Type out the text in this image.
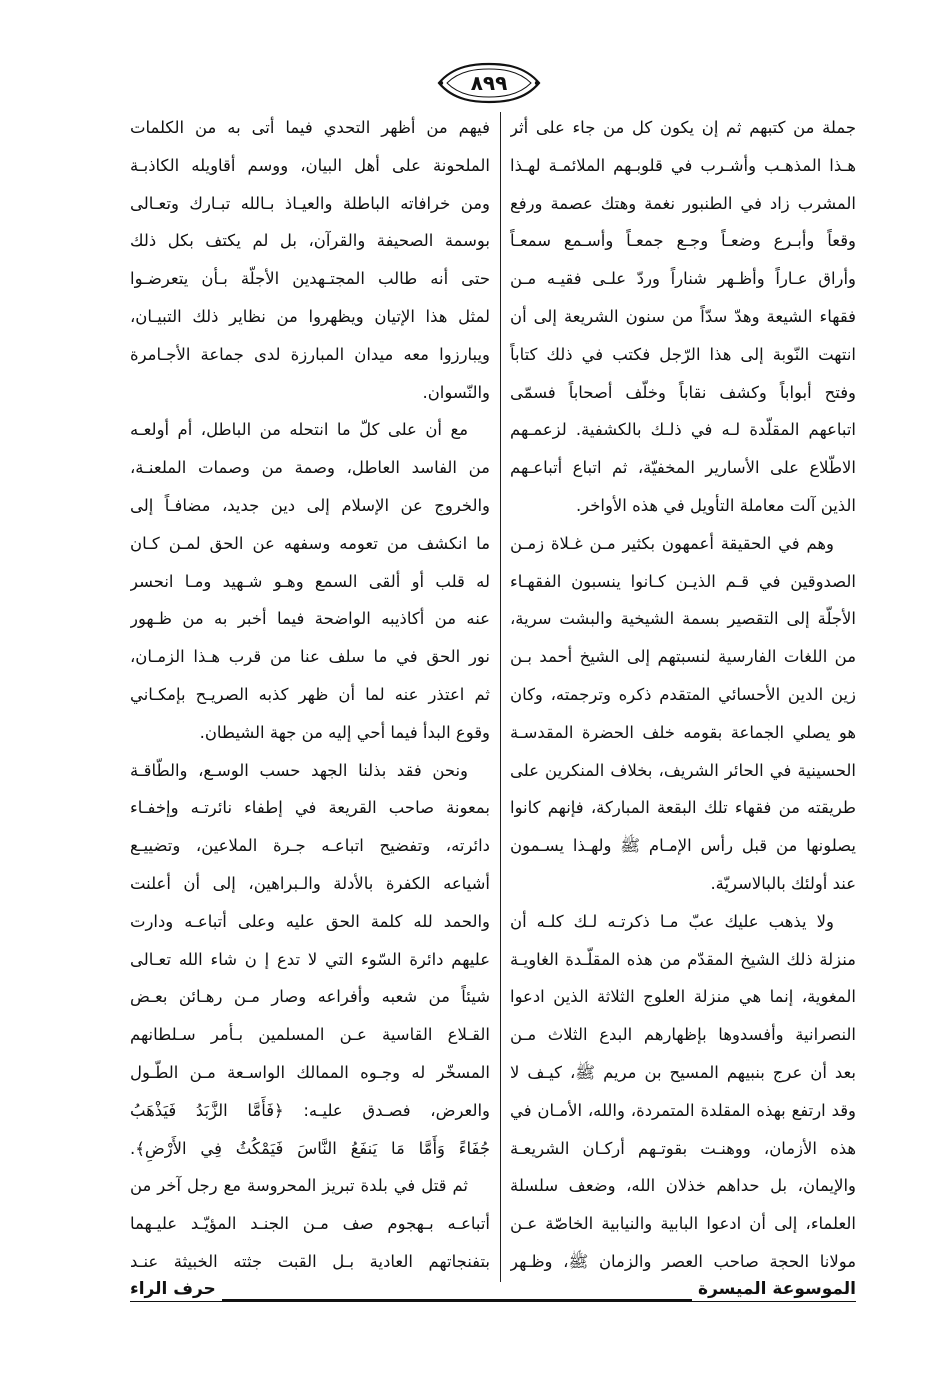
٨٩٩
جملة من كتبهم ثم إن يكون كل من جاء على أثر
هـذا المذهـب وأشـرب في قلوبـهم الملائمـة لهـذا
المشرب زاد في الطنبور نغمة وهتك عصمة ورفع
وقعاً وأبـرع وضعـاً وجـع جمعـاً وأسـمع سمعـاً
وأراق عـاراً وأظـهر شناراً وردّ علـى فقيـه مـن
فقهاء الشيعة وهدّ سدّاً من سنون الشريعة إلى أن
انتهت النّوبة إلى هذا الرّجل فكتب في ذلك كتاباً
وفتح أبواباً وكشف نقاباً وخلّف أصحاباً فسمّى
اتباعهم المقلّدة لـه في ذلـك بالكشفية. لزعمـهم
الاطّلاع على الأسارير المخفيّة، ثم اتباع أتباعـهم
الذين آلت معاملة التأويل في هذه الأواخر.
وهم في الحقيقة أعمهون بكثير مـن غـلاة زمـن
الصدوقين في قـم الذيـن كـانوا ينسبون الفقهـاء
الأجلّة إلى التقصير بسمة الشيخية والبشت سرية،
من اللغات الفارسية لنسبتهم إلى الشيخ أحمد بـن
زين الدين الأحسائي المتقدم ذكره وترجمته، وكان
هو يصلي الجماعة بقومه خلف الحضرة المقدسـة
الحسينية في الحائر الشريف، بخلاف المنكرين على
طريقته من فقهاء تلك البقعة المباركة، فإنهم كانوا
يصلونها من قبل رأس الإمـام ﷺ ولهـذا يسـمون
عند أولئك بالبالاسريّة.
ولا يذهب عليك عبّ مـا ذكرتـه لـك كلـه أن
منزلة ذلك الشيخ المقدّم من هذه المقلّـدة الغاويـة
المغوية، إنما هي منزلة العلوج الثلاثة الذين ادعوا
النصرانية وأفسدوها بإظهارهم البدع الثلاث مـن
بعد أن عرج بنبيهم المسيح بن مريم ﷺ، كيـف لا
وقد ارتفع بهذه المقلدة المتمردة، والله، الأمـان في
هذه الأزمان، ووهنـت بقوتـهم أركـان الشريعـة
والإيمان، بل حداهم خذلان الله، وضعف سلسلة
العلماء، إلى أن ادعوا البابية والنيابية الخاصّة عـن
مولانا الحجة صاحب العصر والزمان ﷺ، وظـهر
فيهم من أظهر التحدي فيما أتى به من الكلمات
الملحونة على أهل البيان، ووسم أقاويله الكاذبـة
ومن خرافاته الباطلة والعيـاذ بـالله تبـارك وتعـالى
بوسمة الصحيفة والقرآن، بل لم يكتف بكل ذلك
حتى أنه طالب المجتـهدين الأجلّة بـأن يتعرضـوا
لمثل هذا الإتيان ويظهروا من نظاير ذلك التبيـان،
ويبارزوا معه ميدان المبارزة لدى جماعة الأجـامرة
والنّسوان.
مع أن على كلّ ما انتحله من الباطل، أم أولعـه
من الفاسد العاطل، وصمة من وصمات الملعنـة،
والخروج عن الإسلام إلى دين جديد، مضافـاً إلى
ما انكشف من تعومه وسفهه عن الحق لمـن كـان
له قلب أو ألقى السمع وهـو شـهيد ومـا انحسر
عنه من أكاذيبه الواضحة فيما أخبر به من ظـهور
نور الحق في ما سلف عنا من قرب هـذا الزمـان،
ثم اعتذر عنه لما أن ظهر كذبه الصريـح بإمكـاني
وقوع البدأ فيما أحي إليه من جهة الشيطان.
ونحن فقد بذلنا الجهد حسب الوسـع، والطّاقـة
بمعونة صاحب القريعة في إطفاء نائرتـه وإخفـاء
دائرته، وتفضيح اتباعـه جـرة الملاعين، وتضييـع
أشياعه الكفرة بالأدلة والـبراهين، إلى أن أعلنت
والحمد لله كلمة الحق عليه وعلى أتباعـه ودارت
عليهم دائرة السّوء التي لا تدع إ ن شاء الله تعـالى
شيئاً من شعبه وأفراعه وصار مـن رهـائن بعـض
القـلاع القاسية عـن المسلمين بـأمر سـلطانهم
المسخّر له وجـوه الممالك الواسـعة مـن الطّـول
والعرض، فصـدق عليـه: ﴿فَأَمَّا الزَّبَدُ فَيَذْهَبُ
جُفَاءً وَأَمَّا مَا يَنفَعُ النَّاسَ فَيَمْكُثُ فِي الأَرْضِ﴾.
ثم قتل في بلدة تبريز المحروسة مع رجل آخر من
أتباعـه بـهجوم صف مـن الجنـد المؤيّـد عليـهما
بتفنجاتهم العادية بـل القبت جثته الخبيثة عنـد
الموسوعة الميسرة
حرف الراء
